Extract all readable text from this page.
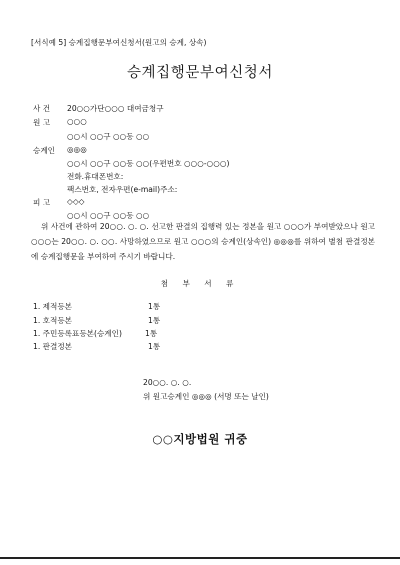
[서식예 5] 승계집행문부여신청서(원고의 승계, 상속)
승계집행문부여신청서
사 건 20○○가단○○○ 대여금청구
원 고 ○○○
○○시 ○○구 ○○동 ○○
승계인 ◎◎◎
○○시 ○○구 ○○동 ○○(우편번호 ○○○-○○○)
전화.휴대폰번호:
팩스번호, 전자우편(e-mail)주소:
피 고 ◇◇◇
○○시 ○○구 ○○동 ○○
위 사건에 관하여 20○○. ○. ○. 선고한 판결의 집행력 있는 정본을 원고 ○○○가 부여받았으나 원고 ○○○는 20○○. ○. ○○. 사망하였으므로 원고 ○○○의 승계인(상속인) ◎◎◎를 위하여 별첨 판결정본에 승계집행문을 부여하여 주시기 바랍니다.
첨 부 서 류
1. 제적등본	1통
1. 호적등본	1통
1. 주민등록표등본(승계인)	1통
1. 판결정본	1통
20○○. ○. ○.
위 원고승계인 ◎◎◎ (서명 또는 날인)
○○지방법원 귀중
